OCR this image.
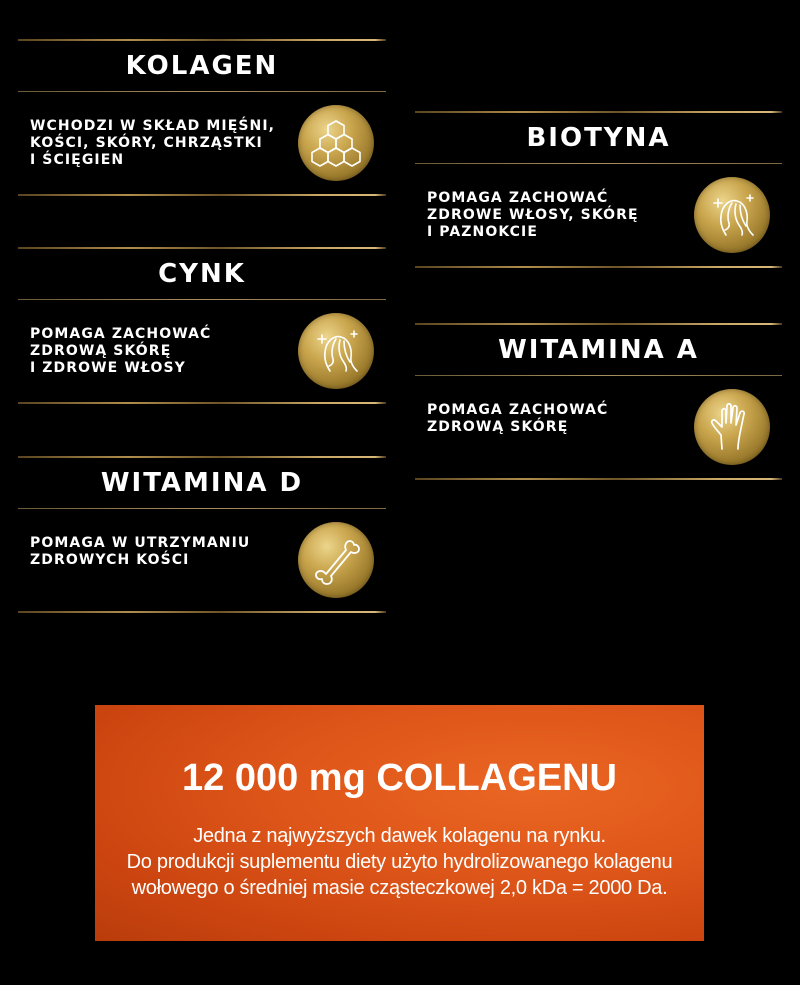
KOLAGEN
WCHODZI W SKŁAD MIĘŚNI,
KOŚCI, SKÓRY, CHRZĄSTKI
I ŚCIĘGIEN
CYNK
POMAGA ZACHOWAĆ
ZDROWĄ SKÓRĘ
I ZDROWE WŁOSY
WITAMINA D
POMAGA W UTRZYMANIU
ZDROWYCH KOŚCI
BIOTYNA
POMAGA ZACHOWAĆ
ZDROWE WŁOSY, SKÓRĘ
I PAZNOKCIE
WITAMINA A
POMAGA ZACHOWAĆ
ZDROWĄ SKÓRĘ
12 000 mg COLLAGENU
Jedna z najwyższych dawek kolagenu na rynku.
Do produkcji suplementu diety użyto hydrolizowanego kolagenu
wołowego o średniej masie cząsteczkowej 2,0 kDa = 2000 Da.
